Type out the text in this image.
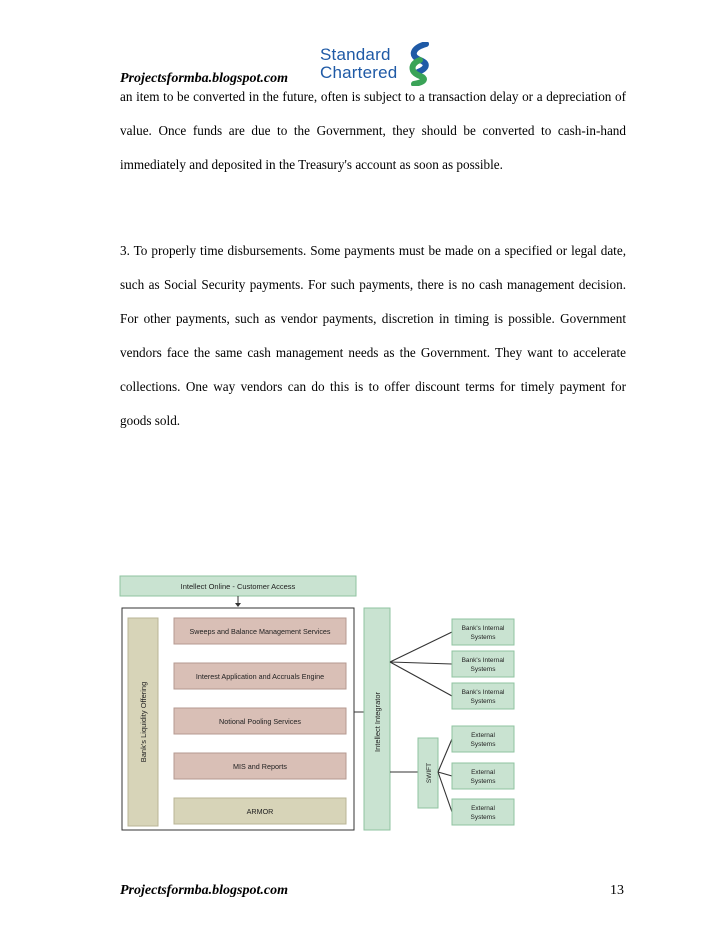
Projectsformba.blogspot.com
Standard
Chartered

an item to be converted in the future, often is subject to a transaction delay or a depreciation of value. Once funds are due to the Government, they should be converted to cash-in-hand immediately and deposited in the Treasury's account as soon as possible.

3. To properly time disbursements. Some payments must be made on a specified or legal date, such as Social Security payments. For such payments, there is no cash management decision. For other payments, such as vendor payments, discretion in timing is possible. Government vendors face the same cash management needs as the Government. They want to accelerate collections. One way vendors can do this is to offer discount terms for timely payment for goods sold.

Intellect Online - Customer Access
Bank's Liquidity Offering
Sweeps and Balance Management Services
Interest Application and Accruals Engine
Notional Pooling Services
MIS and Reports
ARMOR
Intellect Integrator
SWIFT
Bank's Internal
Systems
Bank's Internal
Systems
Bank's Internal
Systems
External
Systems
External
Systems
External
Systems
Projectsformba.blogspot.com	13
